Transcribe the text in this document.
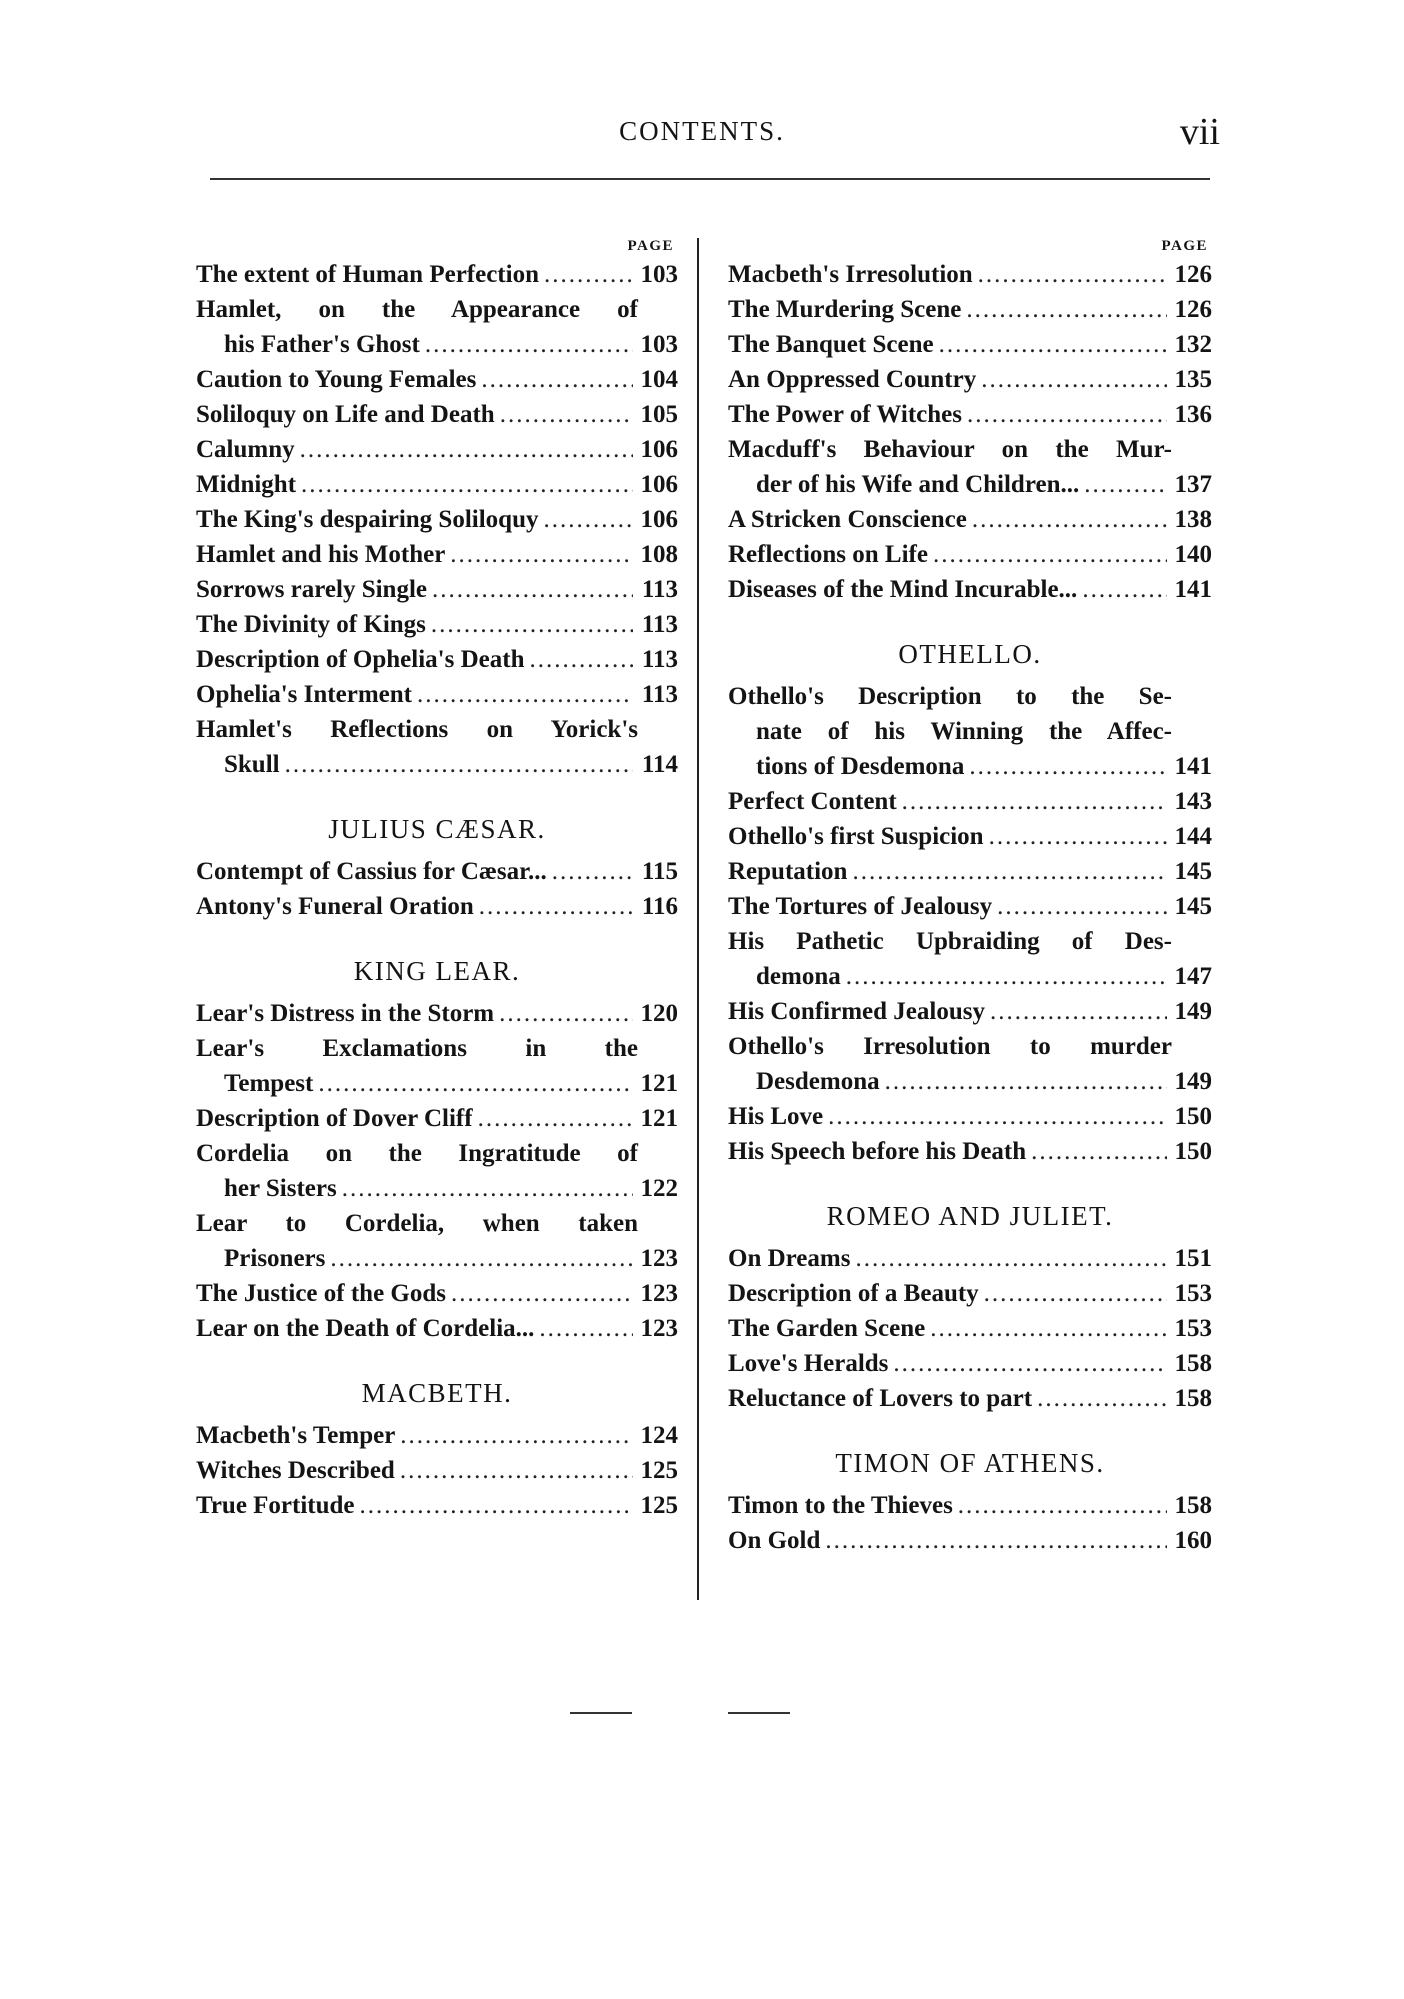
CONTENTS.	vii
PAGE
The extent of Human Perfection .....	103
Hamlet, on the Appearance of
his Father's Ghost .....	103
Caution to Young Females .....	104
Soliloquy on Life and Death .....	105
Calumny .....	106
Midnight .....	106
The King's despairing Soliloquy .....	106
Hamlet and his Mother .....	108
Sorrows rarely Single .....	113
The Divinity of Kings .....	113
Description of Ophelia's Death .....	113
Ophelia's Interment .....	113
Hamlet's Reflections on Yorick's
Skull .....	114
JULIUS CÆSAR.
Contempt of Cassius for Cæsar... .....	115
Antony's Funeral Oration .....	116
KING LEAR.
Lear's Distress in the Storm .....	120
Lear's Exclamations in the
Tempest .....	121
Description of Dover Cliff .....	121
Cordelia on the Ingratitude of
her Sisters .....	122
Lear to Cordelia, when taken
Prisoners .....	123
The Justice of the Gods .....	123
Lear on the Death of Cordelia... .....	123
MACBETH.
Macbeth's Temper .....	124
Witches Described .....	125
True Fortitude .....	125
PAGE
Macbeth's Irresolution .....	126
The Murdering Scene .....	126
The Banquet Scene .....	132
An Oppressed Country .....	135
The Power of Witches .....	136
Macduff's Behaviour on the Mur-
der of his Wife and Children... .....	137
A Stricken Conscience .....	138
Reflections on Life .....	140
Diseases of the Mind Incurable... .....	141
OTHELLO.
Othello's Description to the Se-
nate of his Winning the Affec-
tions of Desdemona .....	141
Perfect Content .....	143
Othello's first Suspicion .....	144
Reputation .....	145
The Tortures of Jealousy .....	145
His Pathetic Upbraiding of Des-
demona .....	147
His Confirmed Jealousy .....	149
Othello's Irresolution to murder
Desdemona .....	149
His Love .....	150
His Speech before his Death .....	150
ROMEO AND JULIET.
On Dreams .....	151
Description of a Beauty .....	153
The Garden Scene .....	153
Love's Heralds .....	158
Reluctance of Lovers to part .....	158
TIMON OF ATHENS.
Timon to the Thieves .....	158
On Gold .....	160
